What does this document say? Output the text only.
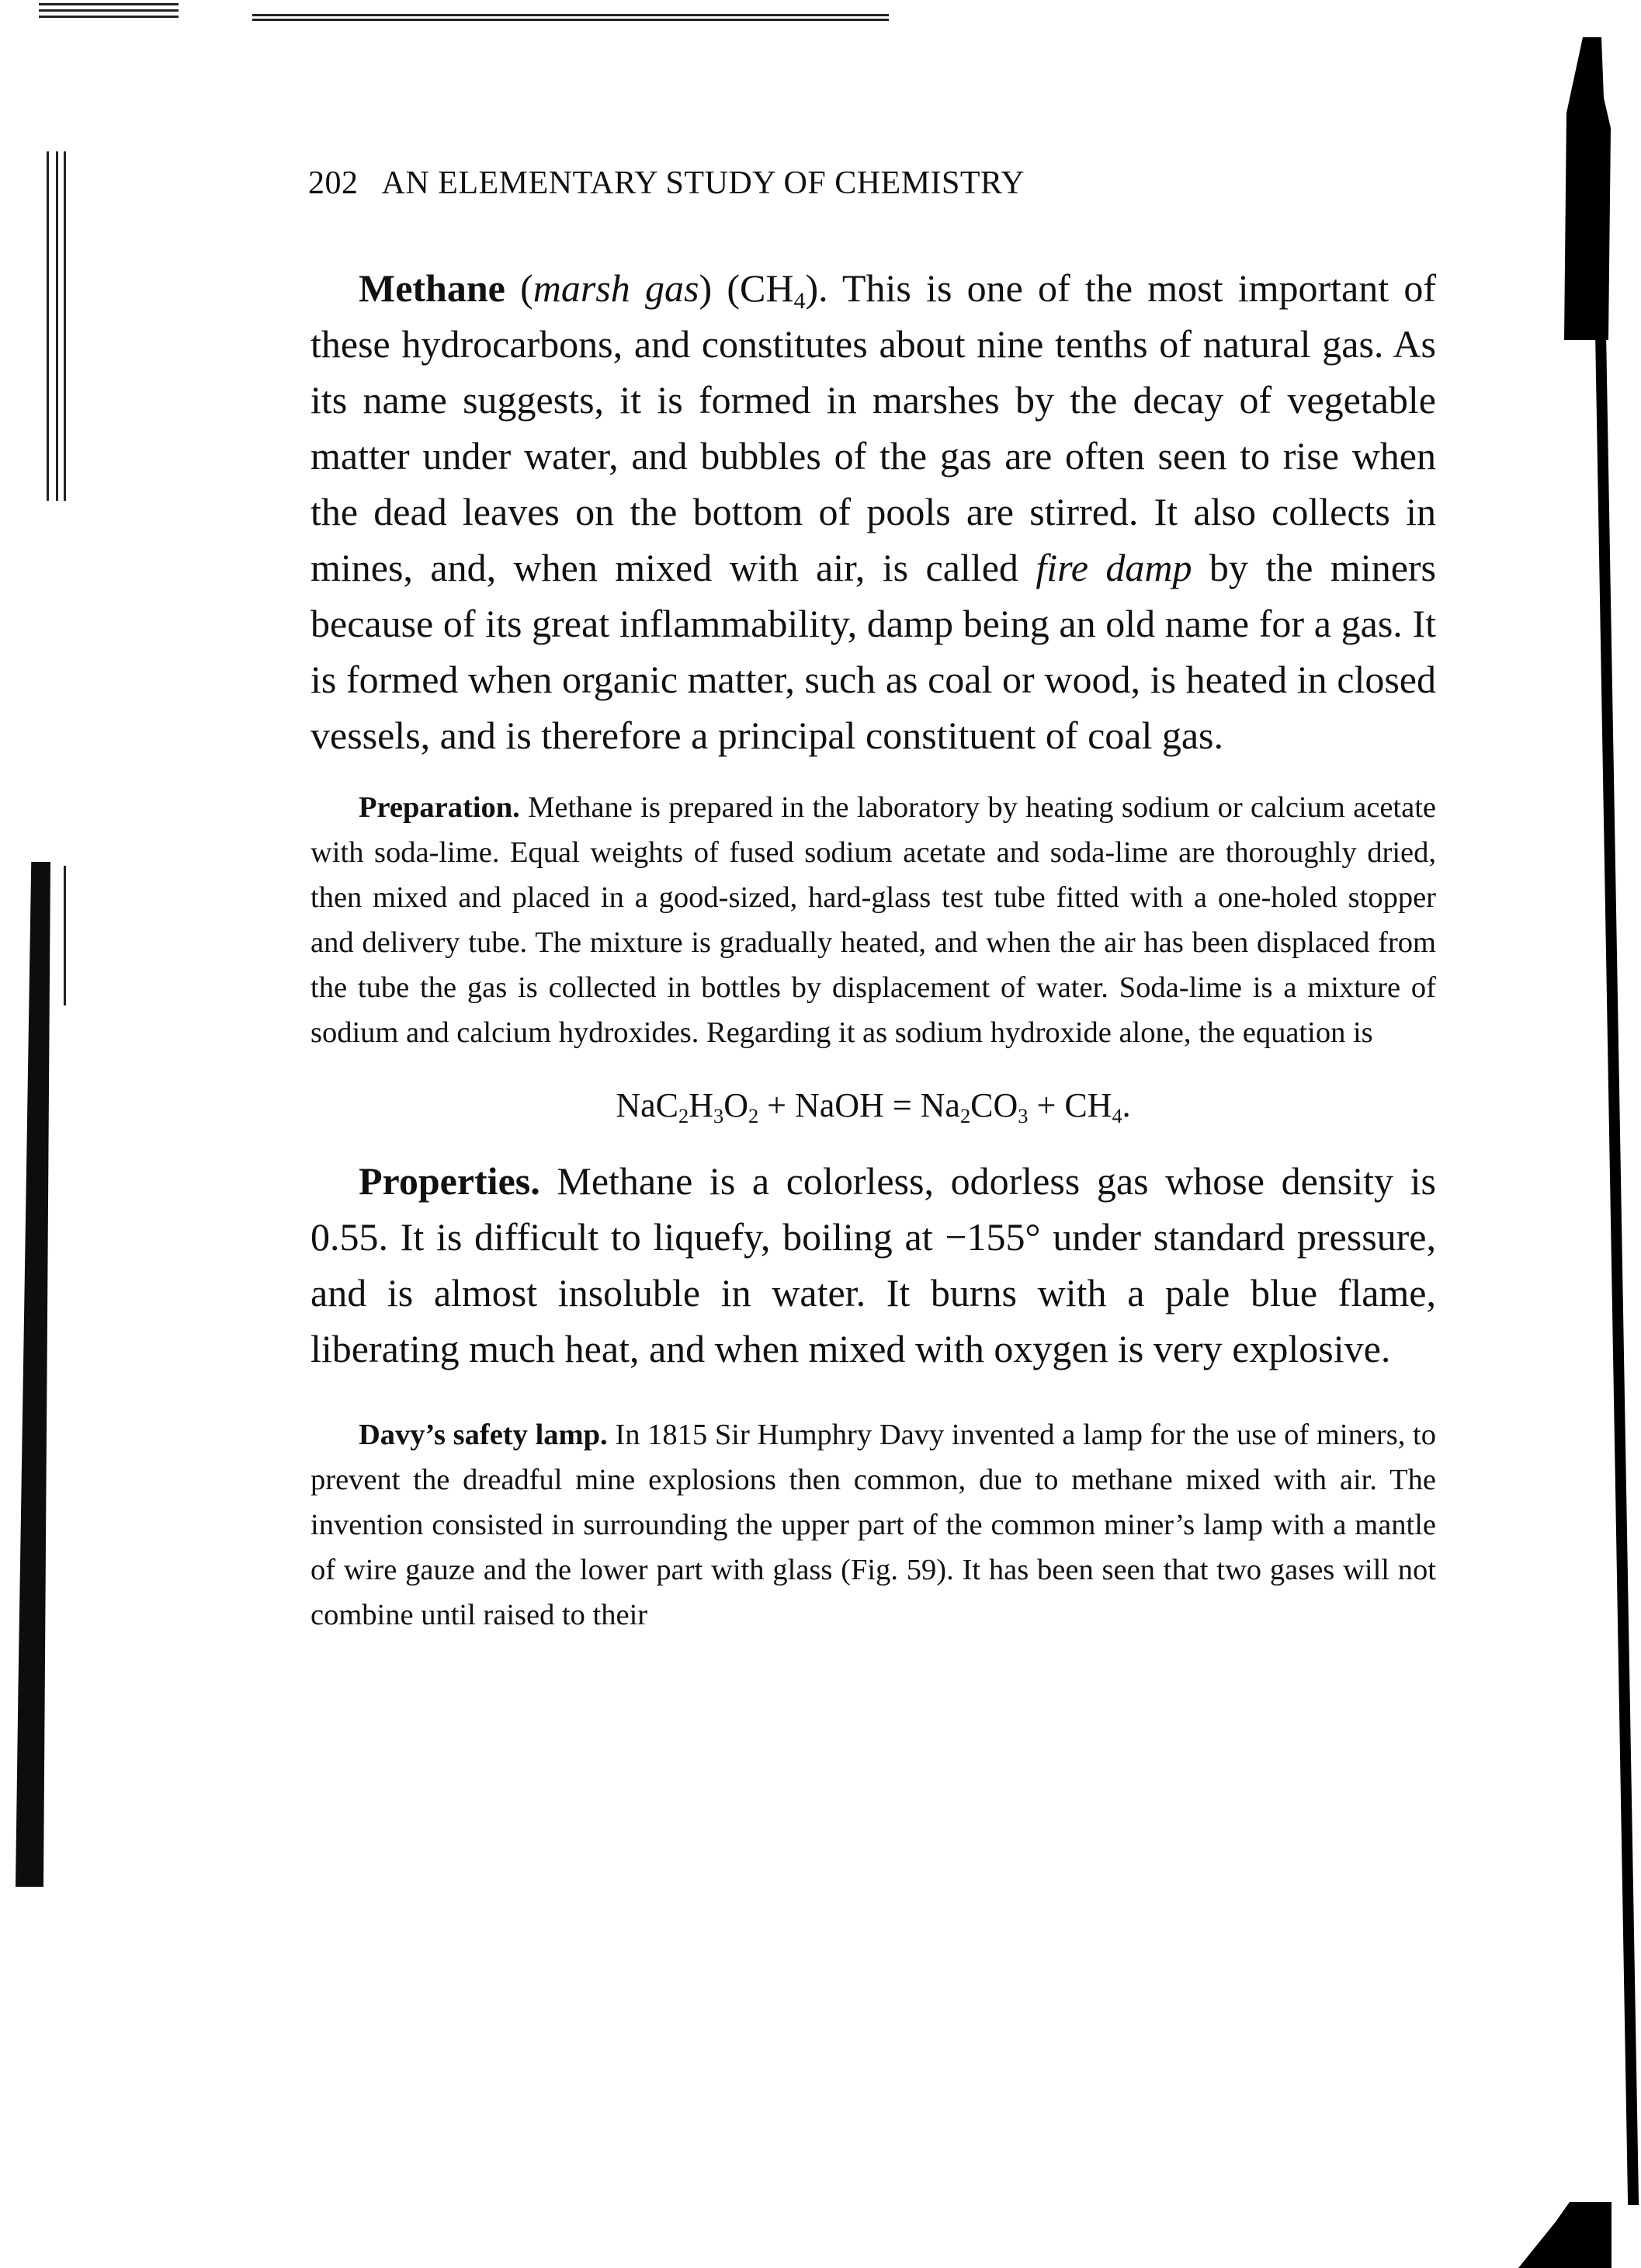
202 AN ELEMENTARY STUDY OF CHEMISTRY

Methane (marsh gas) $(CH_4)$. This is one of the most important of these hydrocarbons, and constitutes about nine tenths of natural gas. As its name suggests, it is formed in marshes by the decay of vegetable matter under water, and bubbles of the gas are often seen to rise when the dead leaves on the bottom of pools are stirred. It also collects in mines, and, when mixed with air, is called fire damp by the miners because of its great inflammability, damp being an old name for a gas. It is formed when organic matter, such as coal or wood, is heated in closed vessels, and is therefore a principal constituent of coal gas.

Preparation. Methane is prepared in the laboratory by heating sodium or calcium acetate with soda-lime. Equal weights of fused sodium acetate and soda-lime are thoroughly dried, then mixed and placed in a good-sized, hard-glass test tube fitted with a one-holed stopper and delivery tube. The mixture is gradually heated, and when the air has been displaced from the tube the gas is collected in bottles by displacement of water. Soda-lime is a mixture of sodium and calcium hydroxides. Regarding it as sodium hydroxide alone, the equation is

$NaC_2H_3O_2$ + NaOH = $Na_2CO_3 + CH_4$.

Properties. Methane is a colorless, odorless gas whose density is 0.55. It is difficult to liquefy, boiling at −155° under standard pressure, and is almost insoluble in water. It burns with a pale blue flame, liberating much heat, and when mixed with oxygen is very explosive.

Davy’s safety lamp. In 1815 Sir Humphry Davy invented a lamp for the use of miners, to prevent the dreadful mine explosions then common, due to methane mixed with air. The invention consisted in surrounding the upper part of the common miner’s lamp with a mantle of wire gauze and the lower part with glass (Fig. 59). It has been seen that two gases will not combine until raised to their
